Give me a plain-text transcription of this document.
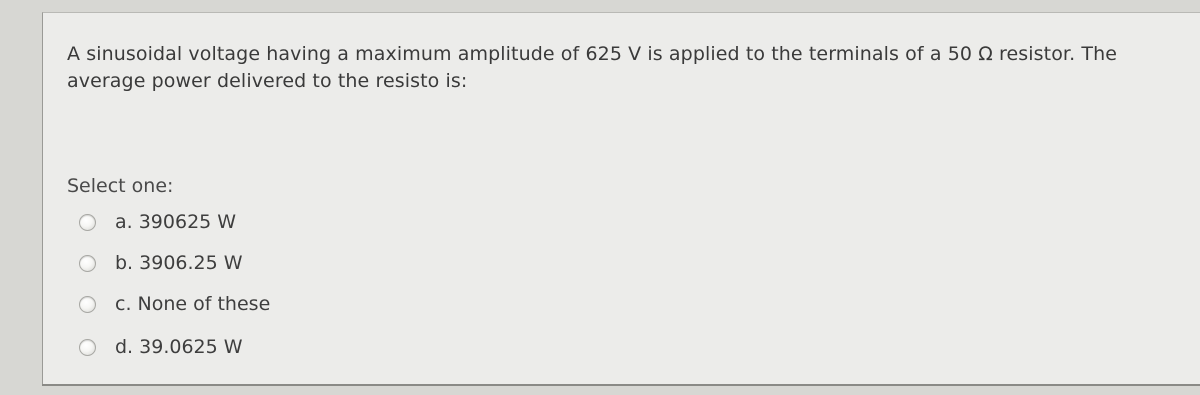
A sinusoidal voltage having a maximum amplitude of 625 V is applied to the terminals of a 50 Ω resistor. The average power delivered to the resisto is:
Select one:
a. 390625 W
b. 3906.25 W
c. None of these
d. 39.0625 W
